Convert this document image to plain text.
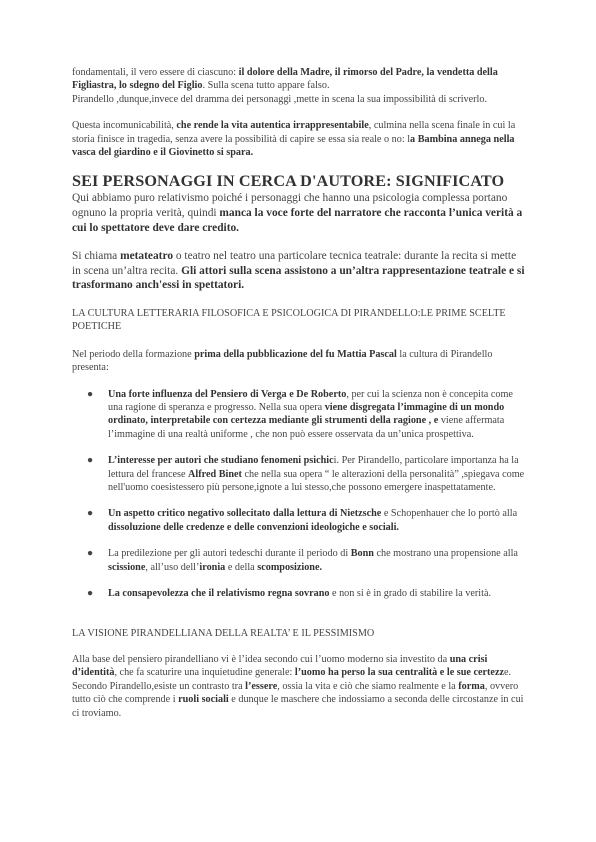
fondamentali, il vero essere di ciascuno: il dolore della Madre, il rimorso del Padre, la vendetta della Figliastra, lo sdegno del Figlio. Sulla scena tutto appare falso.
Pirandello ,dunque,invece del dramma dei personaggi ,mette in scena la sua impossibilità di scriverlo.

Questa incomunicabilità, che rende la vita autentica irrappresentabile, culmina nella scena finale in cui la storia finisce in tragedia, senza avere la possibilità di capire se essa sia reale o no: la Bambina annega nella vasca del giardino e il Giovinetto si spara.

SEI PERSONAGGI IN CERCA D'AUTORE: SIGNIFICATO

Qui abbiamo puro relativismo poiché i personaggi che hanno una psicologia complessa portano ognuno la propria verità, quindi manca la voce forte del narratore che racconta l’unica verità a cui lo spettatore deve dare credito.

Si chiama metateatro o teatro nel teatro una particolare tecnica teatrale: durante la recita si mette in scena un’altra recita. Gli attori sulla scena assistono a un’altra rappresentazione teatrale e si trasformano anch'essi in spettatori.

LA CULTURA LETTERARIA FILOSOFICA E PSICOLOGICA DI PIRANDELLO:LE PRIME SCELTE POETICHE

Nel periodo della formazione prima della pubblicazione del fu Mattia Pascal la cultura di Pirandello presenta:

● Una forte influenza del Pensiero di Verga e De Roberto, per cui la scienza non è concepita come una ragione di speranza e progresso. Nella sua opera viene disgregata l’immagine di un mondo ordinato, interpretabile con certezza mediante gli strumenti della ragione , e viene affermata l’immagine di una realtà uniforme , che non può essere osservata da un’unica prospettiva.
● L’interesse per autori che studiano fenomeni psichici. Per Pirandello, particolare importanza ha la lettura del francese Alfred Binet che nella sua opera “ le alterazioni della personalità” ,spiegava come nell'uomo coesistessero più persone,ignote a lui stesso,che possono emergere inaspettatamente.
● Un aspetto critico negativo sollecitato dalla lettura di Nietzsche e Schopenhauer che lo portò alla dissoluzione delle credenze e delle convenzioni ideologiche e sociali.
● La predilezione per gli autori tedeschi durante il periodo di Bonn che mostrano una propensione alla scissione, all’uso dell’ironia e della scomposizione.
● La consapevolezza che il relativismo regna sovrano e non si è in grado di stabilire la verità.

LA VISIONE PIRANDELLIANA DELLA REALTA’ E IL PESSIMISMO

Alla base del pensiero pirandelliano vi è l’idea secondo cui l’uomo moderno sia investito da una crisi d’identità, che fa scaturire una inquietudine generale: l’uomo ha perso la sua centralità e le sue certezze. Secondo Pirandello,esiste un contrasto tra l’essere, ossia la vita e ciò che siamo realmente e la forma, ovvero tutto ciò che comprende i ruoli sociali e dunque le maschere che indossiamo a seconda delle circostanze in cui ci troviamo.
